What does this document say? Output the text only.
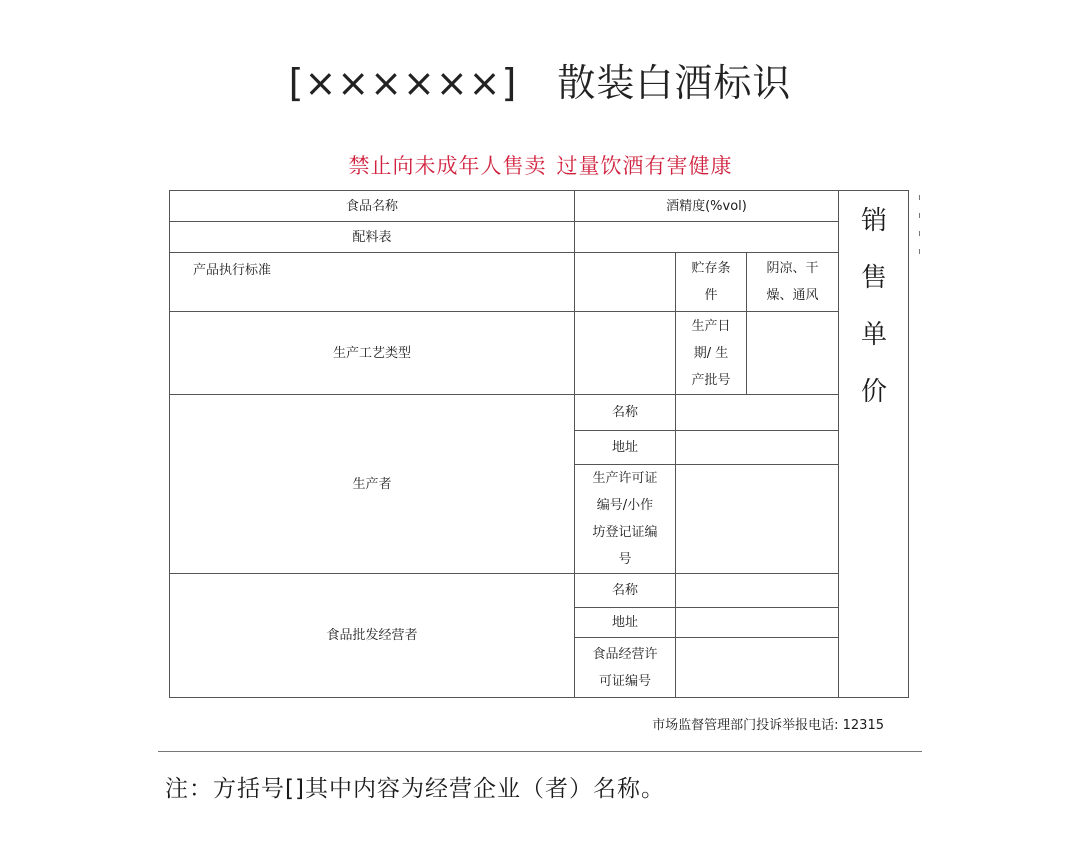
[××××××] 散装白酒标识
禁止向未成年人售卖 过量饮酒有害健康
食品名称	酒精度(%vol)
配料表
产品执行标准	贮存条
件
阴凉、干
燥、通风
生产工艺类型
生产日
期/ 生
产批号
生产者
名称
地址
生产许可证
编号/小作
坊登记证编
号
食品批发经营者
名称
地址
食品经营许
可证编号
销
售
单
价
市场监督管理部门投诉举报电话: 12315
注：方括号[]其中内容为经营企业（者）名称。
